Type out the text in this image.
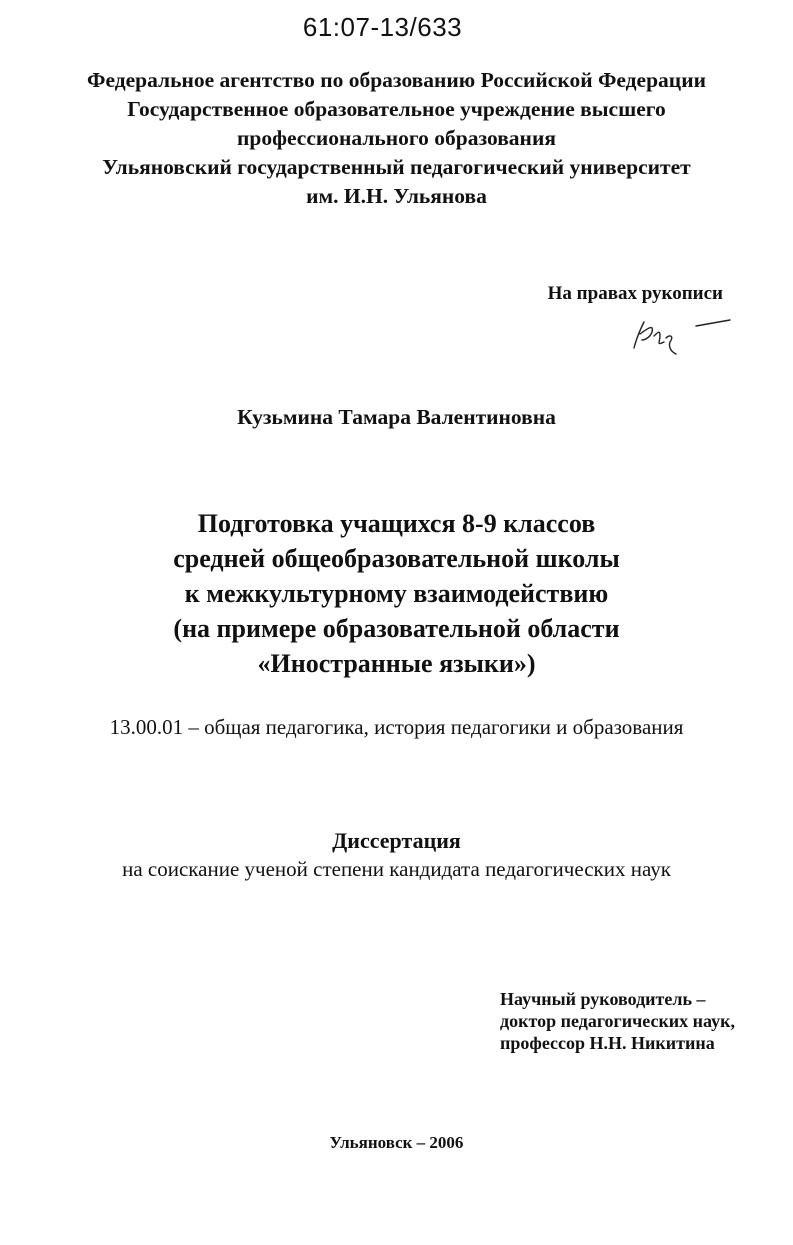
61:07-13/633
Федеральное агентство по образованию Российской Федерации
Государственное образовательное учреждение высшего
профессионального образования
Ульяновский государственный педагогический университет
им. И.Н. Ульянова
На правах рукописи
Кузьмина Тамара Валентиновна
Подготовка учащихся 8-9 классов
средней общеобразовательной школы
к межкультурному взаимодействию
(на примере образовательной области
«Иностранные языки»)
13.00.01 – общая педагогика, история педагогики и образования
Диссертация
на соискание ученой степени кандидата педагогических наук
Научный руководитель –
доктор педагогических наук,
профессор Н.Н. Никитина
Ульяновск – 2006
